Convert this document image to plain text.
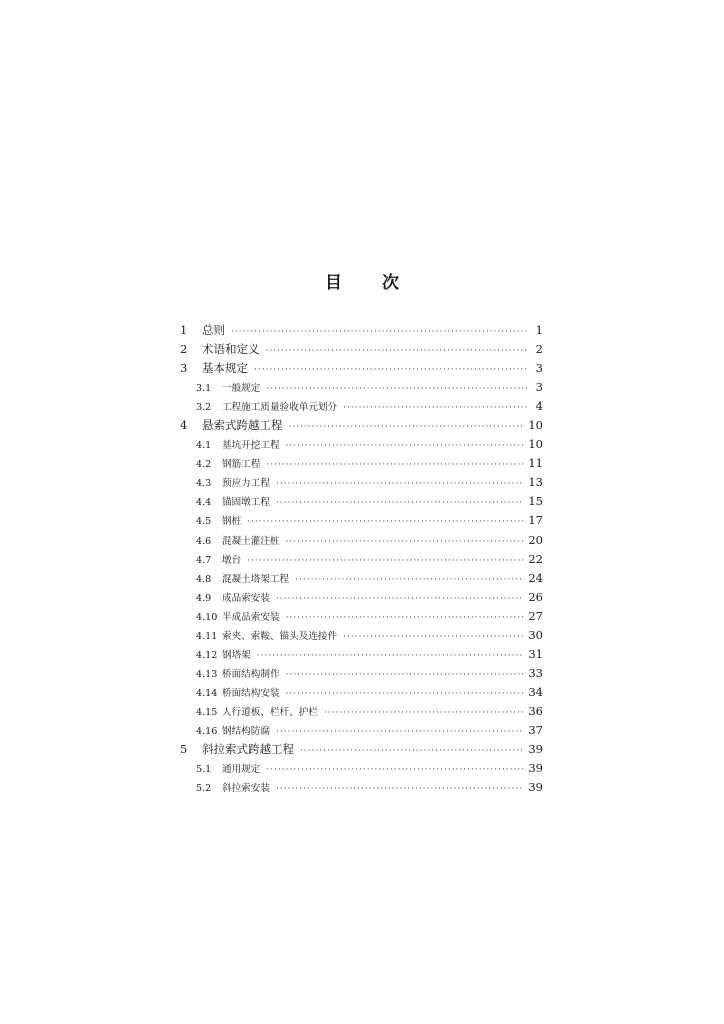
目 次
1	总则 ·····	1
2	术语和定义 ·····	2
3	基本规定 ·····	3
3.1	一般规定 ·····	3
3.2	工程施工质量验收单元划分 ·····	4
4	悬索式跨越工程 ·····	10
4.1	基坑开挖工程 ·····	10
4.2	钢筋工程 ·····	11
4.3	预应力工程 ·····	13
4.4	锚固墩工程 ·····	15
4.5	钢桩 ·····	17
4.6	混凝土灌注桩 ·····	20
4.7	墩台 ·····	22
4.8	混凝土塔架工程 ·····	24
4.9	成品索安装 ·····	26
4.10 半成品索安装 ·····	27
4.11 索夹、索鞍、锚头及连接件 ·····	30
4.12 钢塔架 ·····	31
4.13 桥面结构制作 ·····	33
4.14 桥面结构安装 ·····	34
4.15 人行道板、栏杆、护栏 ·····	36
4.16 钢结构防腐 ·····	37
5	斜拉索式跨越工程 ·····	39
5.1	通用规定 ·····	39
5.2	斜拉索安装 ·····	39
